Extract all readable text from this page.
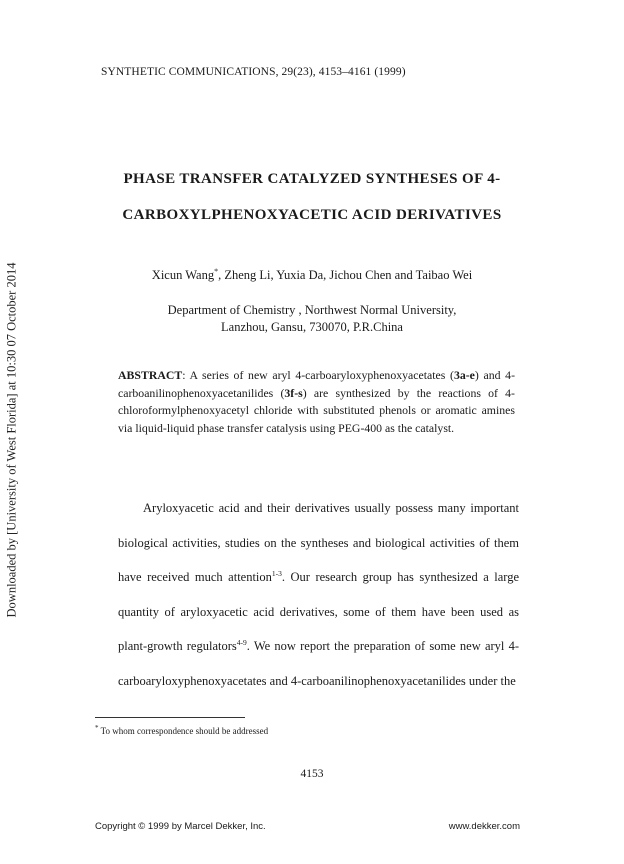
Downloaded by [University of West Florida] at 10:30 07 October 2014
SYNTHETIC COMMUNICATIONS, 29(23), 4153–4161 (1999)
PHASE TRANSFER CATALYZED SYNTHESES OF 4-
CARBOXYLPHENOXYACETIC ACID DERIVATIVES
Xicun Wang*, Zheng Li, Yuxia Da, Jichou Chen and Taibao Wei
Department of Chemistry , Northwest Normal University,
Lanzhou, Gansu, 730070, P.R.China
ABSTRACT: A series of new aryl 4-carboaryloxyphenoxyacetates (3a-e) and 4-carboanilinophenoxyacetanilides (3f-s) are synthesized by the reactions of 4-chloroformylphenoxyacetyl chloride with substituted phenols or aromatic amines via liquid-liquid phase transfer catalysis using PEG-400 as the catalyst.

Aryloxyacetic acid and their derivatives usually possess many important biological activities, studies on the syntheses and biological activities of them have received much attention$^{1-3}$. Our research group has synthesized a large quantity of aryloxyacetic acid derivatives, some of them have been used as plant-growth regulators$^{4-9}$. We now report the preparation of some new aryl 4-carboaryloxyphenoxyacetates and 4-carboanilinophenoxyacetanilides under the

* To whom correspondence should be addressed
4153
Copyright © 1999 by Marcel Dekker, Inc.	www.dekker.com
